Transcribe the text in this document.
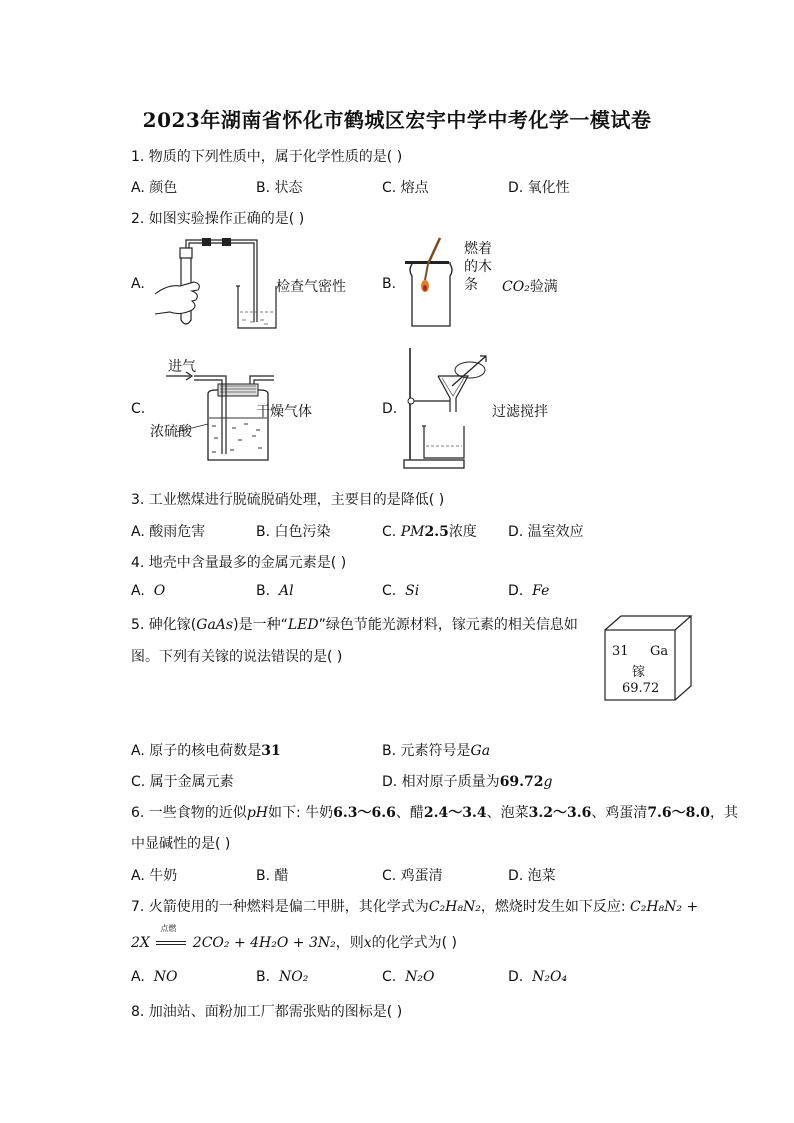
2023年湖南省怀化市鹤城区宏宇中学中考化学一模试卷
1. 物质的下列性质中，属于化学性质的是( )
A. 颜色	B. 状态	C. 熔点	D. 氧化性
2. 如图实验操作正确的是( )
A.	检查气密性	B.
燃着
的木
条	CO₂验满
C.
进气
浓硫酸
干燥气体	D.	过滤搅拌
3. 工业燃煤进行脱硫脱硝处理，主要目的是降低( )
A. 酸雨危害	B. 白色污染	C. PM2.5浓度 D. 温室效应
4. 地壳中含量最多的金属元素是( )
A.  O	B.  Al	C.  Si	D.  Fe
5. 砷化镓(GaAs)是一种“LED”绿色节能光源材料，镓元素的相关信息如
图。下列有关镓的说法错误的是( )	31 Ga
镓
69.72
A. 原子的核电荷数是31	B. 元素符号是Ga
C. 属于金属元素	D. 相对原子质量为69.72g
6. 一些食物的近似pH如下: 牛奶6.3～6.6、醋2.4～3.4、泡菜3.2～3.6、鸡蛋清7.6～8.0，其
中显碱性的是( )
A. 牛奶	B. 醋	C. 鸡蛋清	D. 泡菜
7. 火箭使用的一种燃料是偏二甲肼，其化学式为C₂H₈N₂，燃烧时发生如下反应: C₂H₈N₂ +
2X
点燃
2CO₂ + 4H₂O + 3N₂，则x的化学式为( )
A.  NO	B.  NO₂	C.  N₂O	D.  N₂O₄
8. 加油站、面粉加工厂都需张贴的图标是( )
